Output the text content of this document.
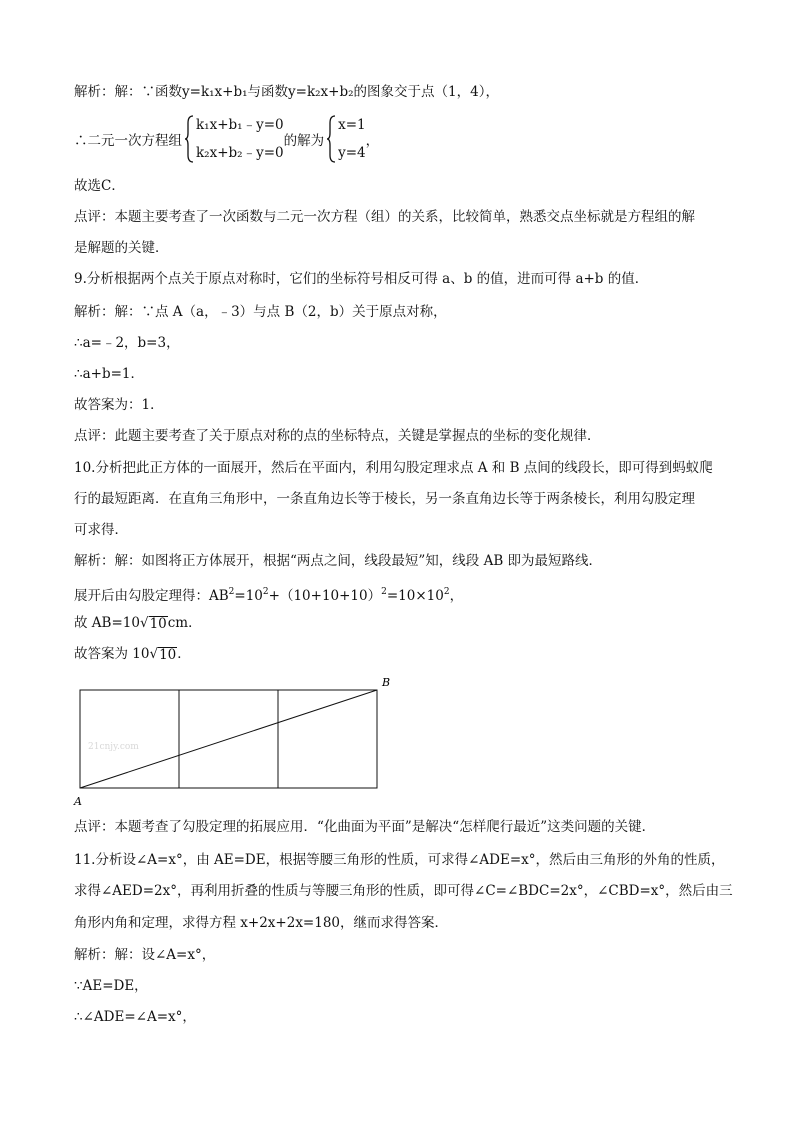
解析：解：∵函数y=k₁x+b₁与函数y=k₂x+b₂的图象交于点（1，4），
∴二元一次方程组
k₁x+b₁﹣y=0
k₂x+b₂﹣y=0
的解为
x=1
y=4
，
故选C．
点评：本题主要考查了一次函数与二元一次方程（组）的关系，比较简单，熟悉交点坐标就是方程组的解
是解题的关键．
9.分析根据两个点关于原点对称时，它们的坐标符号相反可得 a、b 的值，进而可得 a+b 的值．
解析：解：∵点 A（a，﹣3）与点 B（2，b）关于原点对称，
∴a=﹣2，b=3，
∴a+b=1．
故答案为：1．
点评：此题主要考查了关于原点对称的点的坐标特点，关键是掌握点的坐标的变化规律．
10.分析把此正方体的一面展开，然后在平面内，利用勾股定理求点 A 和 B 点间的线段长，即可得到蚂蚁爬
行的最短距离．在直角三角形中，一条直角边长等于棱长，另一条直角边长等于两条棱长，利用勾股定理
可求得．
解析：解：如图将正方体展开，根据“两点之间，线段最短”知，线段 AB 即为最短路线．
展开后由勾股定理得：$AB^2=10^2+(10+10+10)^2=10\times 10^2$，
故 AB=10 √ 10 cm．
故答案为 10 √ 10 ．
B
A
21cnjy.com
点评：本题考查了勾股定理的拓展应用．“化曲面为平面”是解决“怎样爬行最近”这类问题的关键．
11.分析设∠A=x°，由 AE=DE，根据等腰三角形的性质，可求得∠ADE=x°，然后由三角形的外角的性质，
求得∠AED=2x°，再利用折叠的性质与等腰三角形的性质，即可得∠C=∠BDC=2x°，∠CBD=x°，然后由三
角形内角和定理，求得方程 x+2x+2x=180，继而求得答案．
解析：解：设∠A=x°，
∵AE=DE，
∴∠ADE=∠A=x°，
